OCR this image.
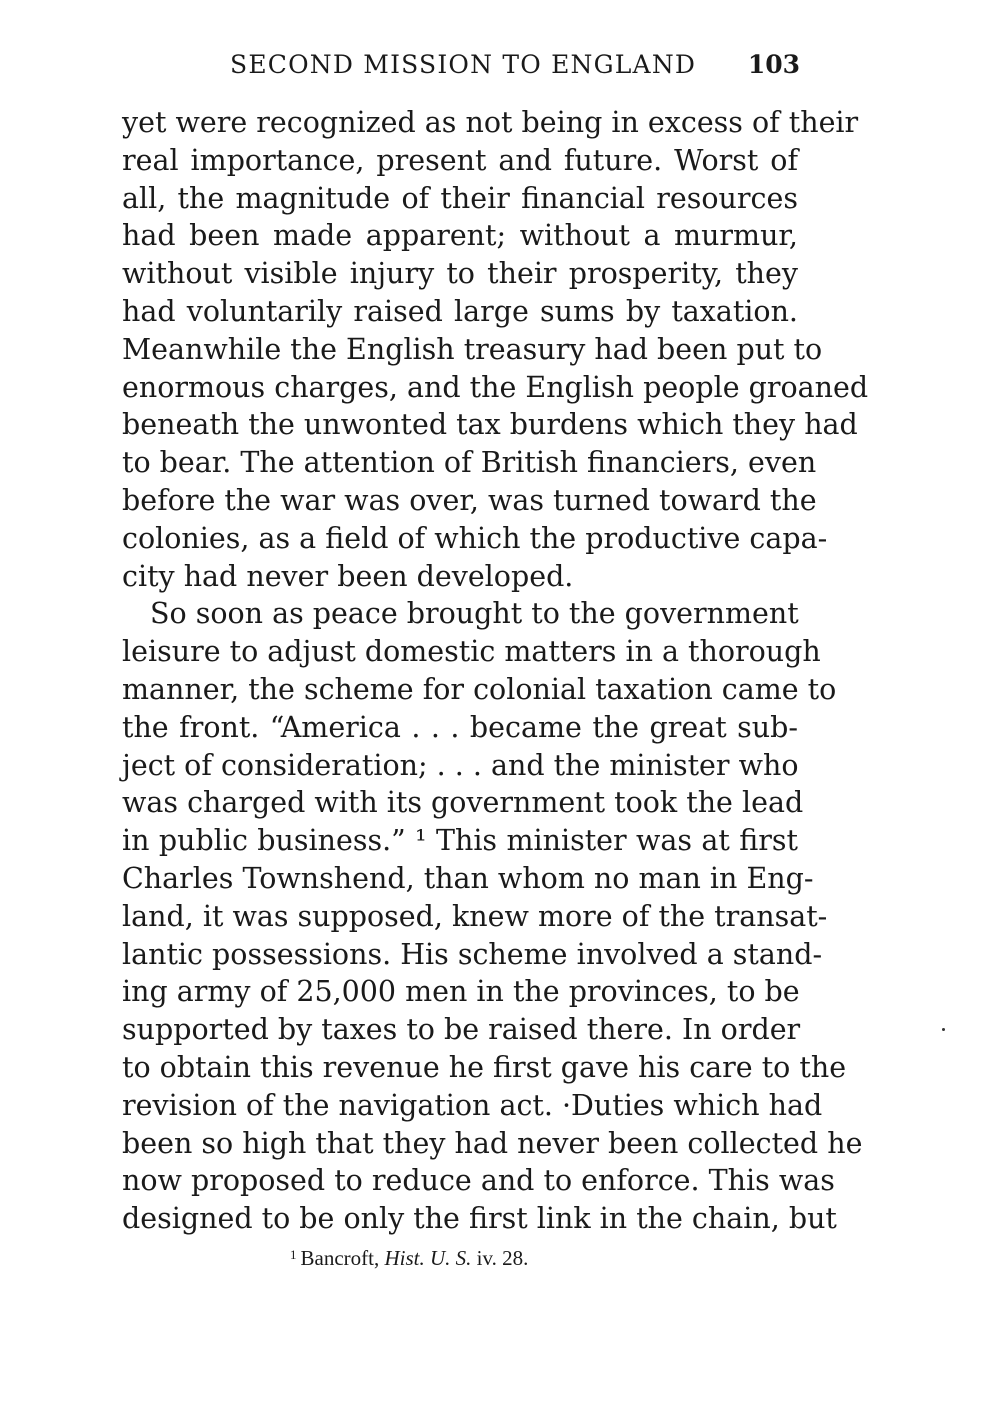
SECOND MISSION TO ENGLAND 103
yet were recognized as not being in excess of their
real importance, present and future. Worst of
all, the magnitude of their financial resources
had been made apparent; without a murmur,
without visible injury to their prosperity, they
had voluntarily raised large sums by taxation.
Meanwhile the English treasury had been put to
enormous charges, and the English people groaned
beneath the unwonted tax burdens which they had
to bear. The attention of British financiers, even
before the war was over, was turned toward the
colonies, as a field of which the productive capa-
city had never been developed.
So soon as peace brought to the government
leisure to adjust domestic matters in a thorough
manner, the scheme for colonial taxation came to
the front. “America . . . became the great sub-
ject of consideration; . . . and the minister who
was charged with its government took the lead
in public business.” ¹ This minister was at first
Charles Townshend, than whom no man in Eng-
land, it was supposed, knew more of the transat-
lantic possessions. His scheme involved a stand-
ing army of 25,000 men in the provinces, to be
supported by taxes to be raised there. In order
to obtain this revenue he first gave his care to the
revision of the navigation act. ·Duties which had
been so high that they had never been collected he
now proposed to reduce and to enforce. This was
designed to be only the first link in the chain, but
$^1$ Bancroft, Hist. U. S. iv. 28.
